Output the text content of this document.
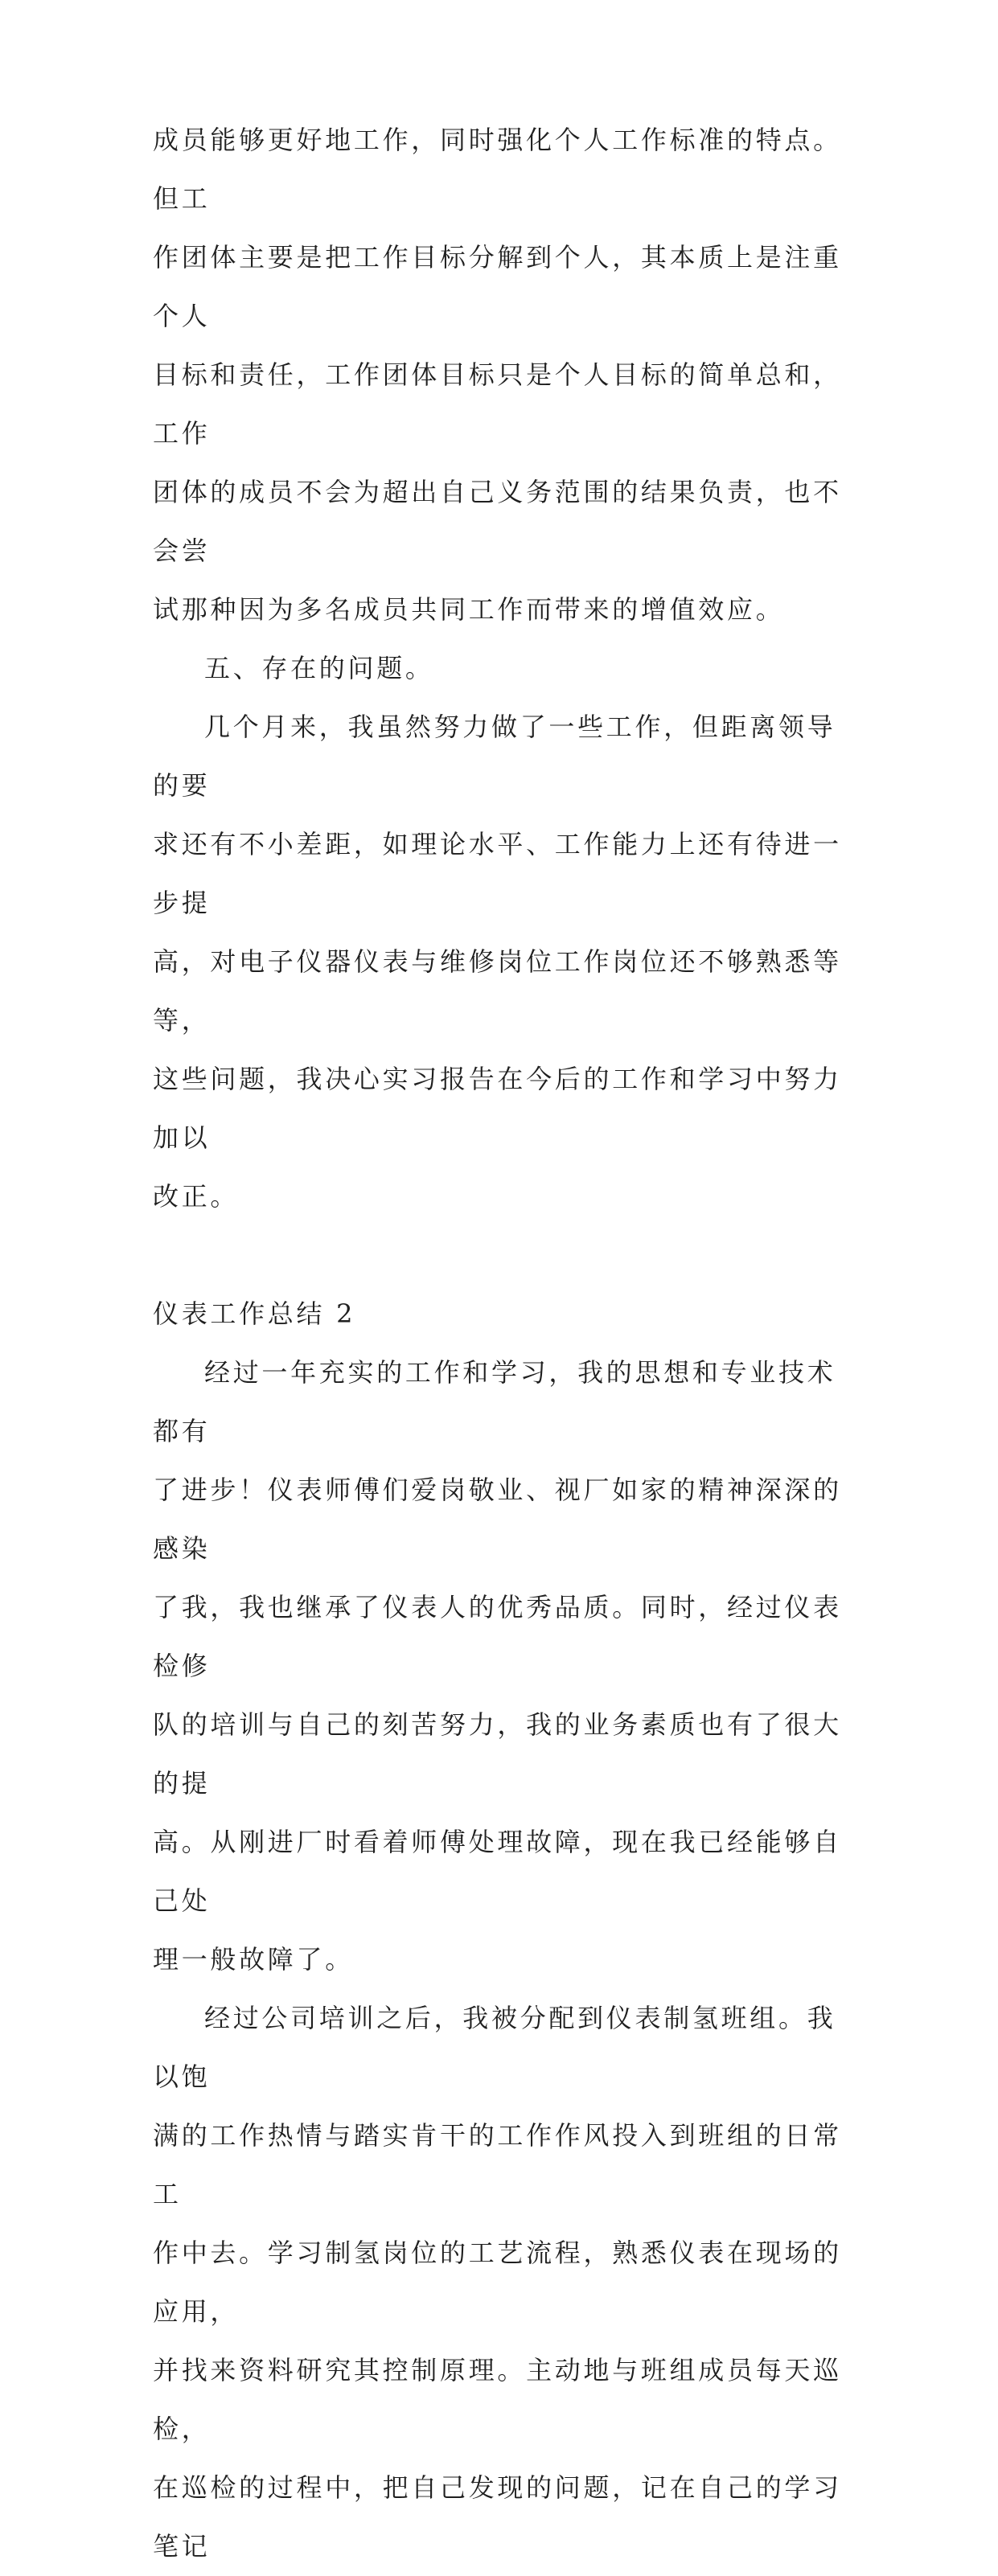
成员能够更好地工作，同时强化个人工作标准的特点。但工
作团体主要是把工作目标分解到个人，其本质上是注重个人
目标和责任，工作团体目标只是个人目标的简单总和，工作
团体的成员不会为超出自己义务范围的结果负责，也不会尝
试那种因为多名成员共同工作而带来的增值效应。

五、存在的问题。

几个月来，我虽然努力做了一些工作，但距离领导的要
求还有不小差距，如理论水平、工作能力上还有待进一步提
高，对电子仪器仪表与维修岗位工作岗位还不够熟悉等等，
这些问题，我决心实习报告在今后的工作和学习中努力加以
改正。

仪表工作总结 2

经过一年充实的工作和学习，我的思想和专业技术都有
了进步！仪表师傅们爱岗敬业、视厂如家的精神深深的感染
了我，我也继承了仪表人的优秀品质。同时，经过仪表检修
队的培训与自己的刻苦努力，我的业务素质也有了很大的提
高。从刚进厂时看着师傅处理故障，现在我已经能够自己处
理一般故障了。

经过公司培训之后，我被分配到仪表制氢班组。我以饱
满的工作热情与踏实肯干的工作作风投入到班组的日常工
作中去。学习制氢岗位的工艺流程，熟悉仪表在现场的应用，
并找来资料研究其控制原理。主动地与班组成员每天巡检，
在巡检的过程中，把自己发现的问题，记在自己的学习笔记
